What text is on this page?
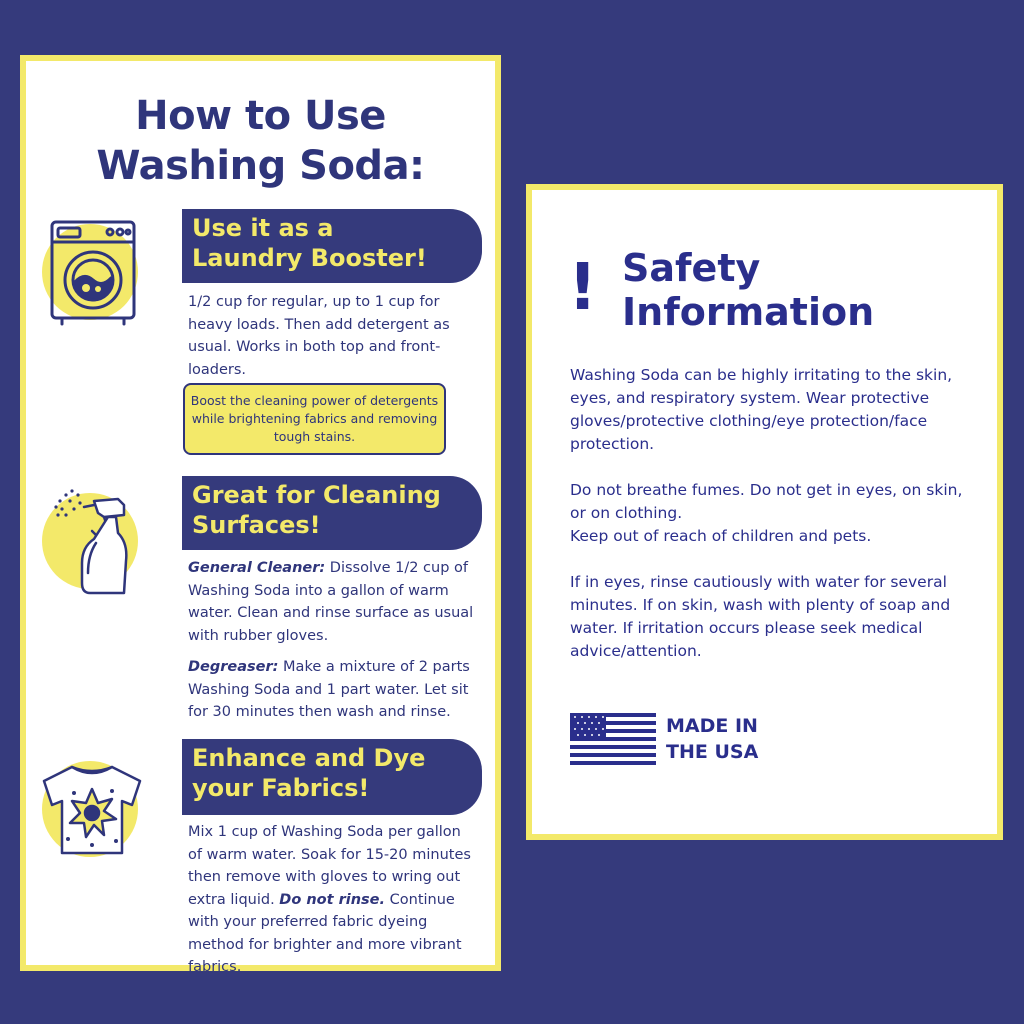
How to Use
Washing Soda:
Use it as a
Laundry Booster!

1/2 cup for regular, up to 1 cup for heavy loads. Then add detergent as usual. Works in both top and front-loaders.

Boost the cleaning power of detergents while brightening fabrics and removing tough stains.
Great for Cleaning
Surfaces!

General Cleaner: Dissolve 1/2 cup of Washing Soda into a gallon of warm water. Clean and rinse surface as usual with rubber gloves.

Degreaser: Make a mixture of 2 parts Washing Soda and 1 part water. Let sit for 30 minutes then wash and rinse.

Enhance and Dye
your Fabrics!

Mix 1 cup of Washing Soda per gallon of warm water. Soak for 15-20 minutes then remove with gloves to wring out extra liquid. Do not rinse. Continue with your preferred fabric dyeing method for brighter and more vibrant fabrics.

! Safety
Information

Washing Soda can be highly irritating to the skin, eyes, and respiratory system. Wear protective gloves/protective clothing/eye protection/face protection.

Do not breathe fumes. Do not get in eyes, on skin, or on clothing.
Keep out of reach of children and pets.

If in eyes, rinse cautiously with water for several minutes. If on skin, wash with plenty of soap and water. If irritation occurs please seek medical advice/attention.

MADE IN
THE USA
